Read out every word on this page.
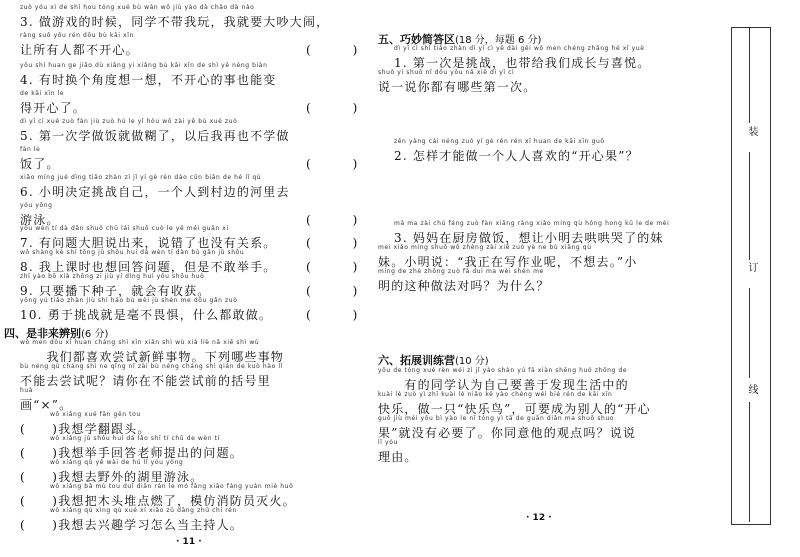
zuò yóu xì de shí hou tóng xué bù wán wǒ jiù yào dà chǎo dà nào
3. 做游戏的时候，同学不带我玩，我就要大吵大闹，
ràng suǒ yǒu rén dōu bù kāi xīn
让所有人都不开心。	(　　)
yǒu shí huan ge jiǎo dù xiǎng yi xiǎng bù kāi xīn de shì yě néng biàn
4. 有时换个角度想一想，不开心的事也能变
de kāi xīn le
得开心了。	(　　)
dì yī cì xué zuò fàn jiù zuò hú le yǐ hòu wǒ zài yě bù xué zuò
5. 第一次学做饭就做糊了，以后我再也不学做
fàn le
饭了。	(　　)
xiǎo míng jué dìng tiǎo zhàn zì jǐ yí gè rén dào cūn biān de hé lǐ qù
6. 小明决定挑战自己，一个人到村边的河里去
yóu yǒng
游泳。	(　　)
yǒu wèn tí dà dǎn shuō chū lái shuō cuò le yě méi guān xi
7. 有问题大胆说出来，说错了也没有关系。 (　　)
wǒ shàng kè shí tǒng jǔ shǒu huí dá wèn tí dàn bù gǎn jǔ shǒu
8. 我上课时也想回答问题，但是不敢举手。 (　　)
zhǐ yào bō xià zhǒng zi jiù yí dìng huì yǒu shōu huò
9. 只要播下种子，就会有收获。	(　　)
yǒng yú tiǎo zhàn jiù shì háo bù wèi jù shén me dōu gǎn zuò
10. 勇于挑战就是毫不畏惧，什么都敢做。	(　　)
四、是非来辨别(6 分)
wǒ men dōu xǐ huan cháng shì xīn xiān shì wù xià liè nǎ xiē shì wù
　　我们都喜欢尝试新鲜事物。下列哪些事物
bù néng qù cháng shì ne qǐng nǐ zài bù néng cháng shì qián de kuò hào lǐ
不能去尝试呢？请你在不能尝试前的括号里
huà
画“×”。
wǒ xiǎng xué fān gēn tou
(　　)我想学翻跟头。
wǒ xiǎng jǔ shǒu huí dá lǎo shī tí chū de wèn tí
(　　)我想举手回答老师提出的问题。
wǒ xiǎng qù yě wài de hú lǐ yóu yǒng
(　　)我想去野外的湖里游泳。
wǒ xiǎng bǎ mù tou duī diǎn rán le mó fǎng xiāo fáng yuán miè huǒ
(　　)我想把木头堆点燃了，模仿消防员灭火。
wǒ xiǎng qù xìng qù xué xí xiǎo zǔ dāng zhǔ chí rén
(　　)我想去兴趣学习怎么当主持人。
· 11 ·
五、巧妙简答区(18 分，每题 6 分)
dì yī cì shì tiǎo zhàn dì yī cì yě dài gěi wǒ men chéng zhǎng hé xǐ yuè
1. 第一次是挑战，也带给我们成长与喜悦。
shuō yi shuō nǐ dōu yǒu nǎ xiē dì yī cì
说一说你都有哪些第一次。
zěn yàng cái néng zuò yí gè rén rén xǐ huan de kāi xīn guǒ
2. 怎样才能做一个人人喜欢的“开心果”？
mā ma zài chú fáng zuò fàn xiǎng ràng xiǎo míng qù hǒng hong kū le de mèi
3. 妈妈在厨房做饭，想让小明去哄哄哭了的妹
mei xiǎo míng shuō wǒ zhèng zài xiě zuò yè ne bù xiǎng qù
妹。小明说：“我正在写作业呢，不想去。”小
míng de zhè zhǒng zuò fǎ duì ma wèi shén me
明的这种做法对吗？为什么？
六、拓展训练营(10 分)
yǒu de tóng xué rèn wéi zì jǐ yào shàn yú fā xiàn shēng huó zhōng de
　　有的同学认为自己要善于发现生活中的
kuài lè zuò yì zhī kuài lè niǎo kě yào chéng wéi bié rén de kāi xīn
快乐，做一只“快乐鸟”，可要成为别人的“开心
guǒ jiù méi yǒu bì yào le nǐ tóng yì tā de guān diǎn ma shuō shuo
果”就没有必要了。你同意他的观点吗？说说
lǐ yóu
理由。
· 12 ·
装
订
线
